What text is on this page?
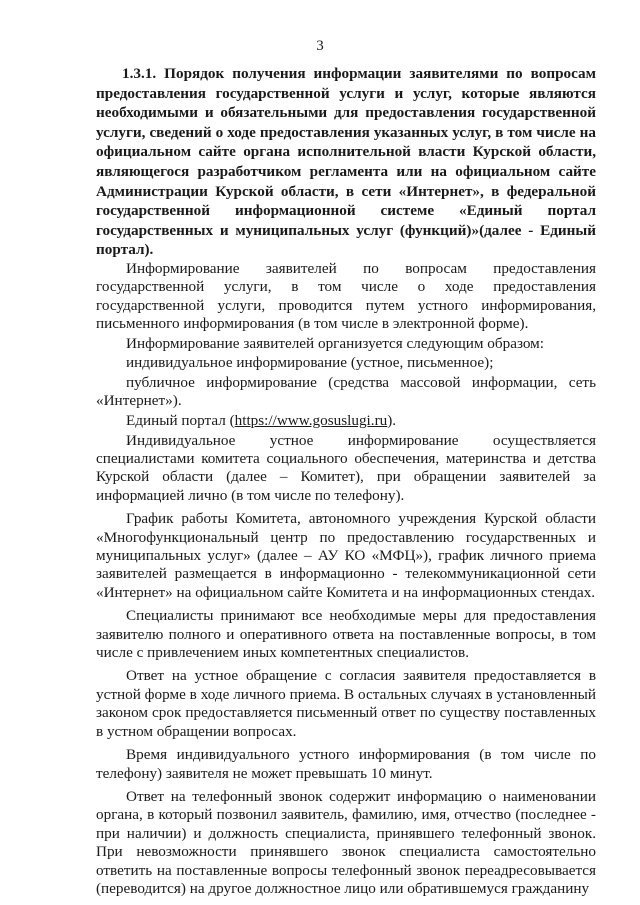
3
1.3.1. Порядок получения информации заявителями по вопросам предоставления государственной услуги и услуг, которые являются необходимыми и обязательными для предоставления государственной услуги, сведений о ходе предоставления указанных услуг, в том числе на официальном сайте органа исполнительной власти Курской области, являющегося разработчиком регламента или на официальном сайте Администрации Курской области, в сети «Интернет», в федеральной государственной информационной системе «Единый портал государственных и муниципальных услуг (функций)»(далее - Единый портал).

Информирование заявителей по вопросам предоставления государственной услуги, в том числе о ходе предоставления государственной услуги, проводится путем устного информирования, письменного информирования (в том числе в электронной форме).

Информирование заявителей организуется следующим образом:

индивидуальное информирование (устное, письменное);

публичное информирование (средства массовой информации, сеть «Интернет»).

Единый портал (https://www.gosuslugi.ru).

Индивидуальное устное информирование осуществляется специалистами комитета социального обеспечения, материнства и детства Курской области (далее – Комитет), при обращении заявителей за информацией лично (в том числе по телефону).

График работы Комитета, автономного учреждения Курской области «Многофункциональный центр по предоставлению государственных и муниципальных услуг» (далее – АУ КО «МФЦ»), график личного приема заявителей размещается в информационно - телекоммуникационной сети «Интернет» на официальном сайте Комитета и на информационных стендах.

Специалисты принимают все необходимые меры для предоставления заявителю полного и оперативного ответа на поставленные вопросы, в том числе с привлечением иных компетентных специалистов.

Ответ на устное обращение с согласия заявителя предоставляется в устной форме в ходе личного приема. В остальных случаях в установленный законом срок предоставляется письменный ответ по существу поставленных в устном обращении вопросах.

Время индивидуального устного информирования (в том числе по телефону) заявителя не может превышать 10 минут.

Ответ на телефонный звонок содержит информацию о наименовании органа, в который позвонил заявитель, фамилию, имя, отчество (последнее - при наличии) и должность специалиста, принявшего телефонный звонок. При невозможности принявшего звонок специалиста самостоятельно ответить на поставленные вопросы телефонный звонок переадресовывается (переводится) на другое должностное лицо или обратившемуся гражданину
